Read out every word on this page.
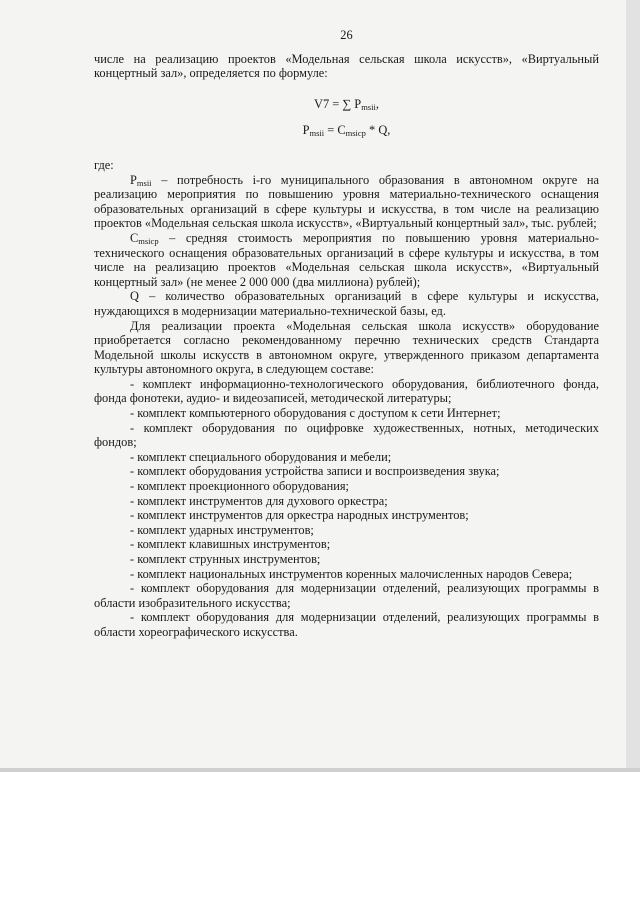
26

числе на реализацию проектов «Модельная сельская школа искусств», «Виртуальный концертный зал», определяется по формуле:

V7 = ∑ $P_{msii}$,

$P_{msii} = C_{msicp} * Q$,

где:

$P_{msii}$ – потребность i-го муниципального образования в автономном округе на реализацию мероприятия по повышению уровня материально-технического оснащения образовательных организаций в сфере культуры и искусства, в том числе на реализацию проектов «Модельная сельская школа искусств», «Виртуальный концертный зал», тыс. рублей;

$C_{msicp}$ – средняя стоимость мероприятия по повышению уровня материально-технического оснащения образовательных организаций в сфере культуры и искусства, в том числе на реализацию проектов «Модельная сельская школа искусств», «Виртуальный концертный зал» (не менее 2 000 000 (два миллиона) рублей);

Q – количество образовательных организаций в сфере культуры и искусства, нуждающихся в модернизации материально-технической базы, ед.

Для реализации проекта «Модельная сельская школа искусств» оборудование приобретается согласно рекомендованному перечню технических средств Стандарта Модельной школы искусств в автономном округе, утвержденного приказом департамента культуры автономного округа, в следующем составе:

- комплект информационно-технологического оборудования, библиотечного фонда, фонда фонотеки, аудио- и видеозаписей, методической литературы;

- комплект компьютерного оборудования с доступом к сети Интернет;

- комплект оборудования по оцифровке художественных, нотных, методических фондов;

- комплект специального оборудования и мебели;

- комплект оборудования устройства записи и воспроизведения звука;

- комплект проекционного оборудования;

- комплект инструментов для духового оркестра;

- комплект инструментов для оркестра народных инструментов;

- комплект ударных инструментов;

- комплект клавишных инструментов;

- комплект струнных инструментов;

- комплект национальных инструментов коренных малочисленных народов Севера;

- комплект оборудования для модернизации отделений, реализующих программы в области изобразительного искусства;

- комплект оборудования для модернизации отделений, реализующих программы в области хореографического искусства.
